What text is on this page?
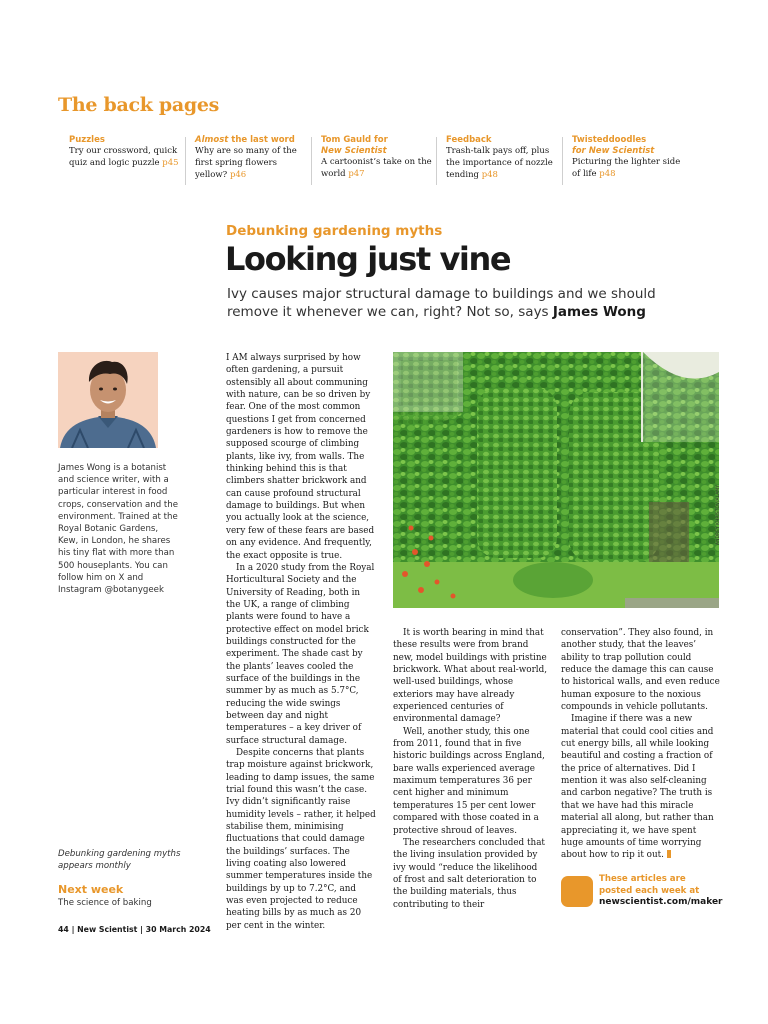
The back pages
Puzzles
Try our crossword, quick quiz and logic puzzle p45
Almost the last word
Why are so many of the first spring flowers yellow? p46
Tom Gauld for
New Scientist
A cartoonist’s take on the world p47
Feedback
Trash-talk pays off, plus the importance of nozzle tending p48
Twisteddoodles
for New Scientist
Picturing the lighter side of life p48
Debunking gardening myths
Looking just vine
Ivy causes major structural damage to buildings and we should remove it whenever we can, right? Not so, says James Wong
James Wong is a botanist and science writer, with a particular interest in food crops, conservation and the environment. Trained at the Royal Botanic Gardens, Kew, in London, he shares his tiny flat with more than 500 houseplants. You can follow him on X and Instagram @botanygeek
Debunking gardening myths appears monthly
Next week
The science of baking

I AM always surprised by how often gardening, a pursuit ostensibly all about communing with nature, can be so driven by fear. One of the most common questions I get from concerned gardeners is how to remove the supposed scourge of climbing plants, like ivy, from walls. The thinking behind this is that climbers shatter brickwork and can cause profound structural damage to buildings. But when you actually look at the science, very few of these fears are based on any evidence. And frequently, the exact opposite is true.

In a 2020 study from the Royal Horticultural Society and the University of Reading, both in the UK, a range of climbing plants were found to have a protective effect on model brick buildings constructed for the experiment. The shade cast by the plants’ leaves cooled the surface of the buildings in the summer by as much as 5.7°C, reducing the wide swings between day and night temperatures – a key driver of surface structural damage.

Despite concerns that plants trap moisture against brickwork, leading to damp issues, the same trial found this wasn’t the case. Ivy didn’t significantly raise humidity levels – rather, it helped stabilise them, minimising fluctuations that could damage the buildings’ surfaces. The living coating also lowered summer temperatures inside the buildings by up to 7.2°C, and was even projected to reduce heating bills by as much as 20 per cent in the winter.

ANDREY KHRISTOV/ALAMY

It is worth bearing in mind that these results were from brand new, model buildings with pristine brickwork. What about real-world, well-used buildings, whose exteriors may have already experienced centuries of environmental damage?

Well, another study, this one from 2011, found that in five historic buildings across England, bare walls experienced average maximum temperatures 36 per cent higher and minimum temperatures 15 per cent lower compared with those coated in a protective shroud of leaves.

The researchers concluded that the living insulation provided by ivy would “reduce the likelihood of frost and salt deterioration to the building materials, thus contributing to their

conservation”. They also found, in another study, that the leaves’ ability to trap pollution could reduce the damage this can cause to historical walls, and even reduce human exposure to the noxious compounds in vehicle pollutants.

Imagine if there was a new material that could cool cities and cut energy bills, all while looking beautiful and costing a fraction of the price of alternatives. Did I mention it was also self-cleaning and carbon negative? The truth is that we have had this miracle material all along, but rather than appreciating it, we have spent huge amounts of time worrying about how to rip it out.

These articles are posted each week at
newscientist.com/maker
44 | New Scientist | 30 March 2024
